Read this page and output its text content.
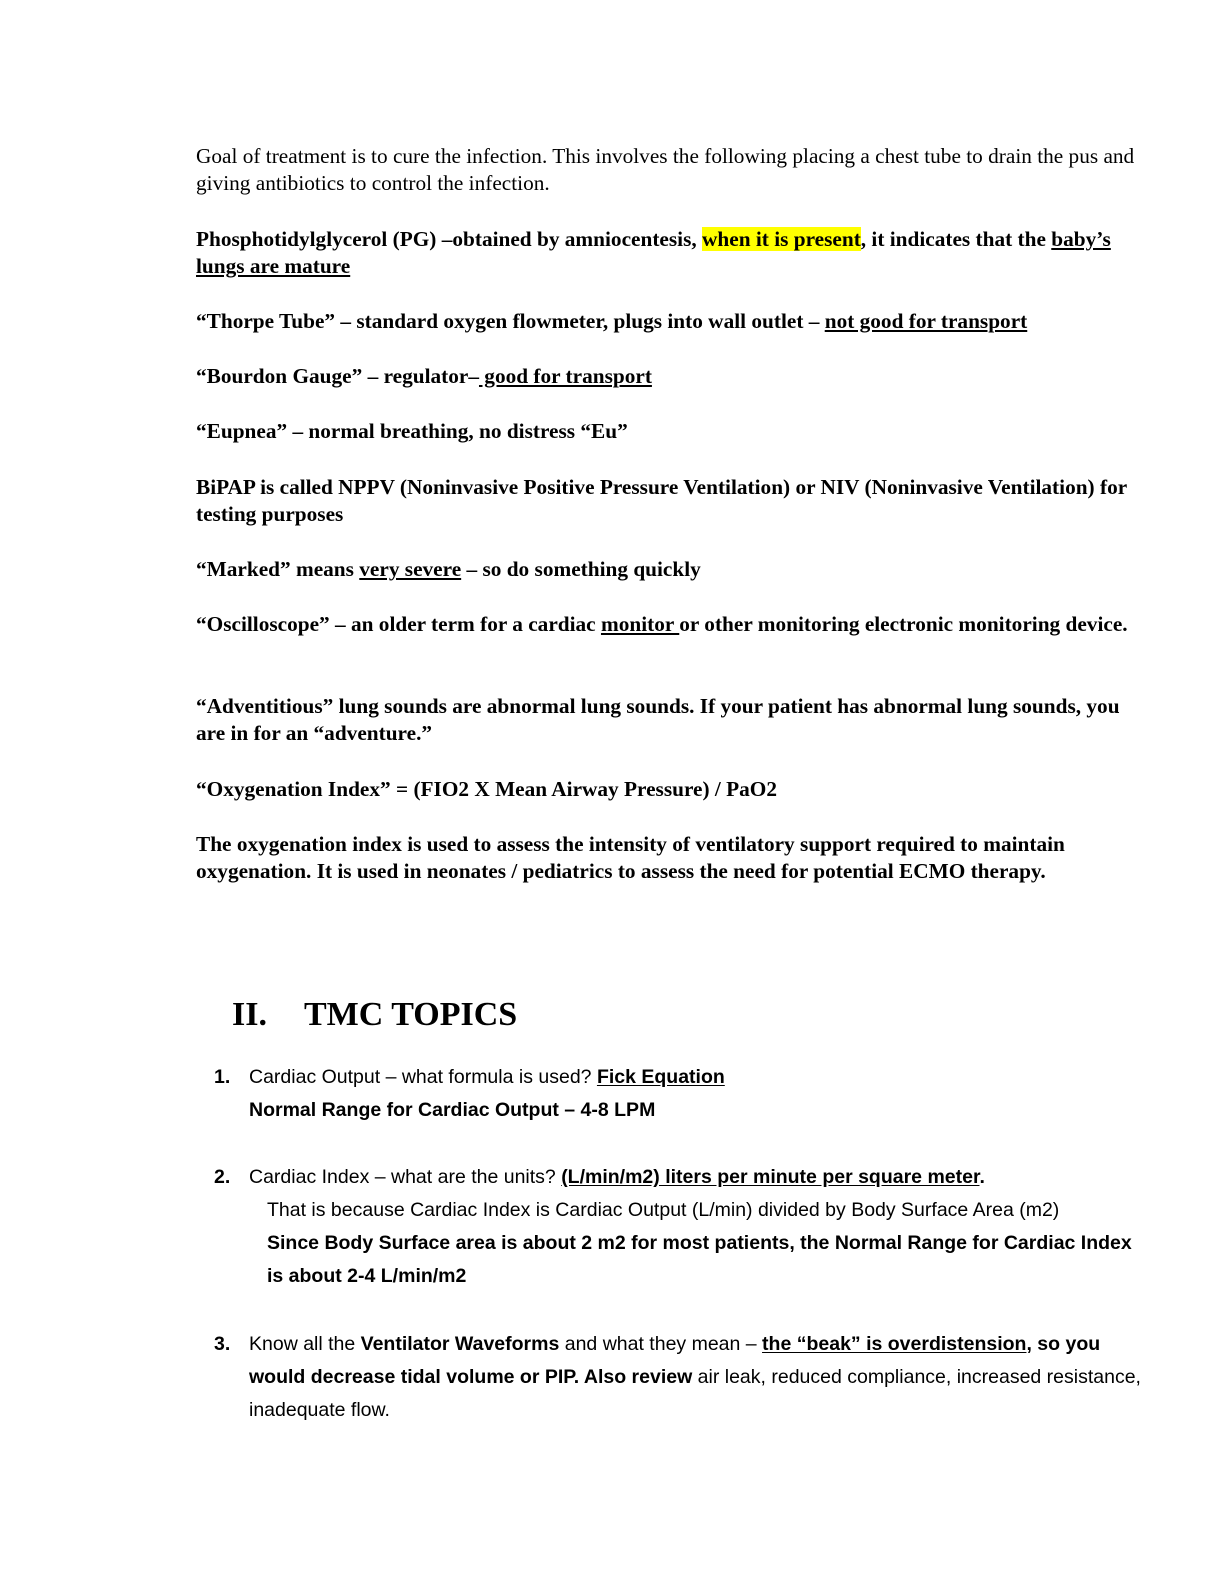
Goal of treatment is to cure the infection. This involves the following placing a chest tube to drain the pus and giving antibiotics to control the infection.

Phosphotidylglycerol (PG) –obtained by amniocentesis, when it is present, it indicates that the baby’s lungs are mature

“Thorpe Tube” – standard oxygen flowmeter, plugs into wall outlet – not good for transport

“Bourdon Gauge” – regulator– good for transport

“Eupnea” – normal breathing, no distress “Eu”

BiPAP is called NPPV (Noninvasive Positive Pressure Ventilation) or NIV (Noninvasive Ventilation) for testing purposes

“Marked” means very severe – so do something quickly

“Oscilloscope” – an older term for a cardiac monitor or other monitoring electronic monitoring device.

“Adventitious” lung sounds are abnormal lung sounds. If your patient has abnormal lung sounds, you are in for an “adventure.”

“Oxygenation Index” = (FIO2 X Mean Airway Pressure) / PaO2

The oxygenation index is used to assess the intensity of ventilatory support required to maintain oxygenation. It is used in neonates / pediatrics to assess the need for potential ECMO therapy.

II. TMC TOPICS
1. Cardiac Output – what formula is used? Fick Equation
Normal Range for Cardiac Output – 4-8 LPM
2. Cardiac Index – what are the units? (L/min/m2) liters per minute per square meter.
That is because Cardiac Index is Cardiac Output (L/min) divided by Body Surface Area (m2)
Since Body Surface area is about 2 m2 for most patients, the Normal Range for Cardiac Index is about 2-4 L/min/m2
3. Know all the Ventilator Waveforms and what they mean – the “beak” is overdistension, so you would decrease tidal volume or PIP. Also review air leak, reduced compliance, increased resistance, inadequate flow.
